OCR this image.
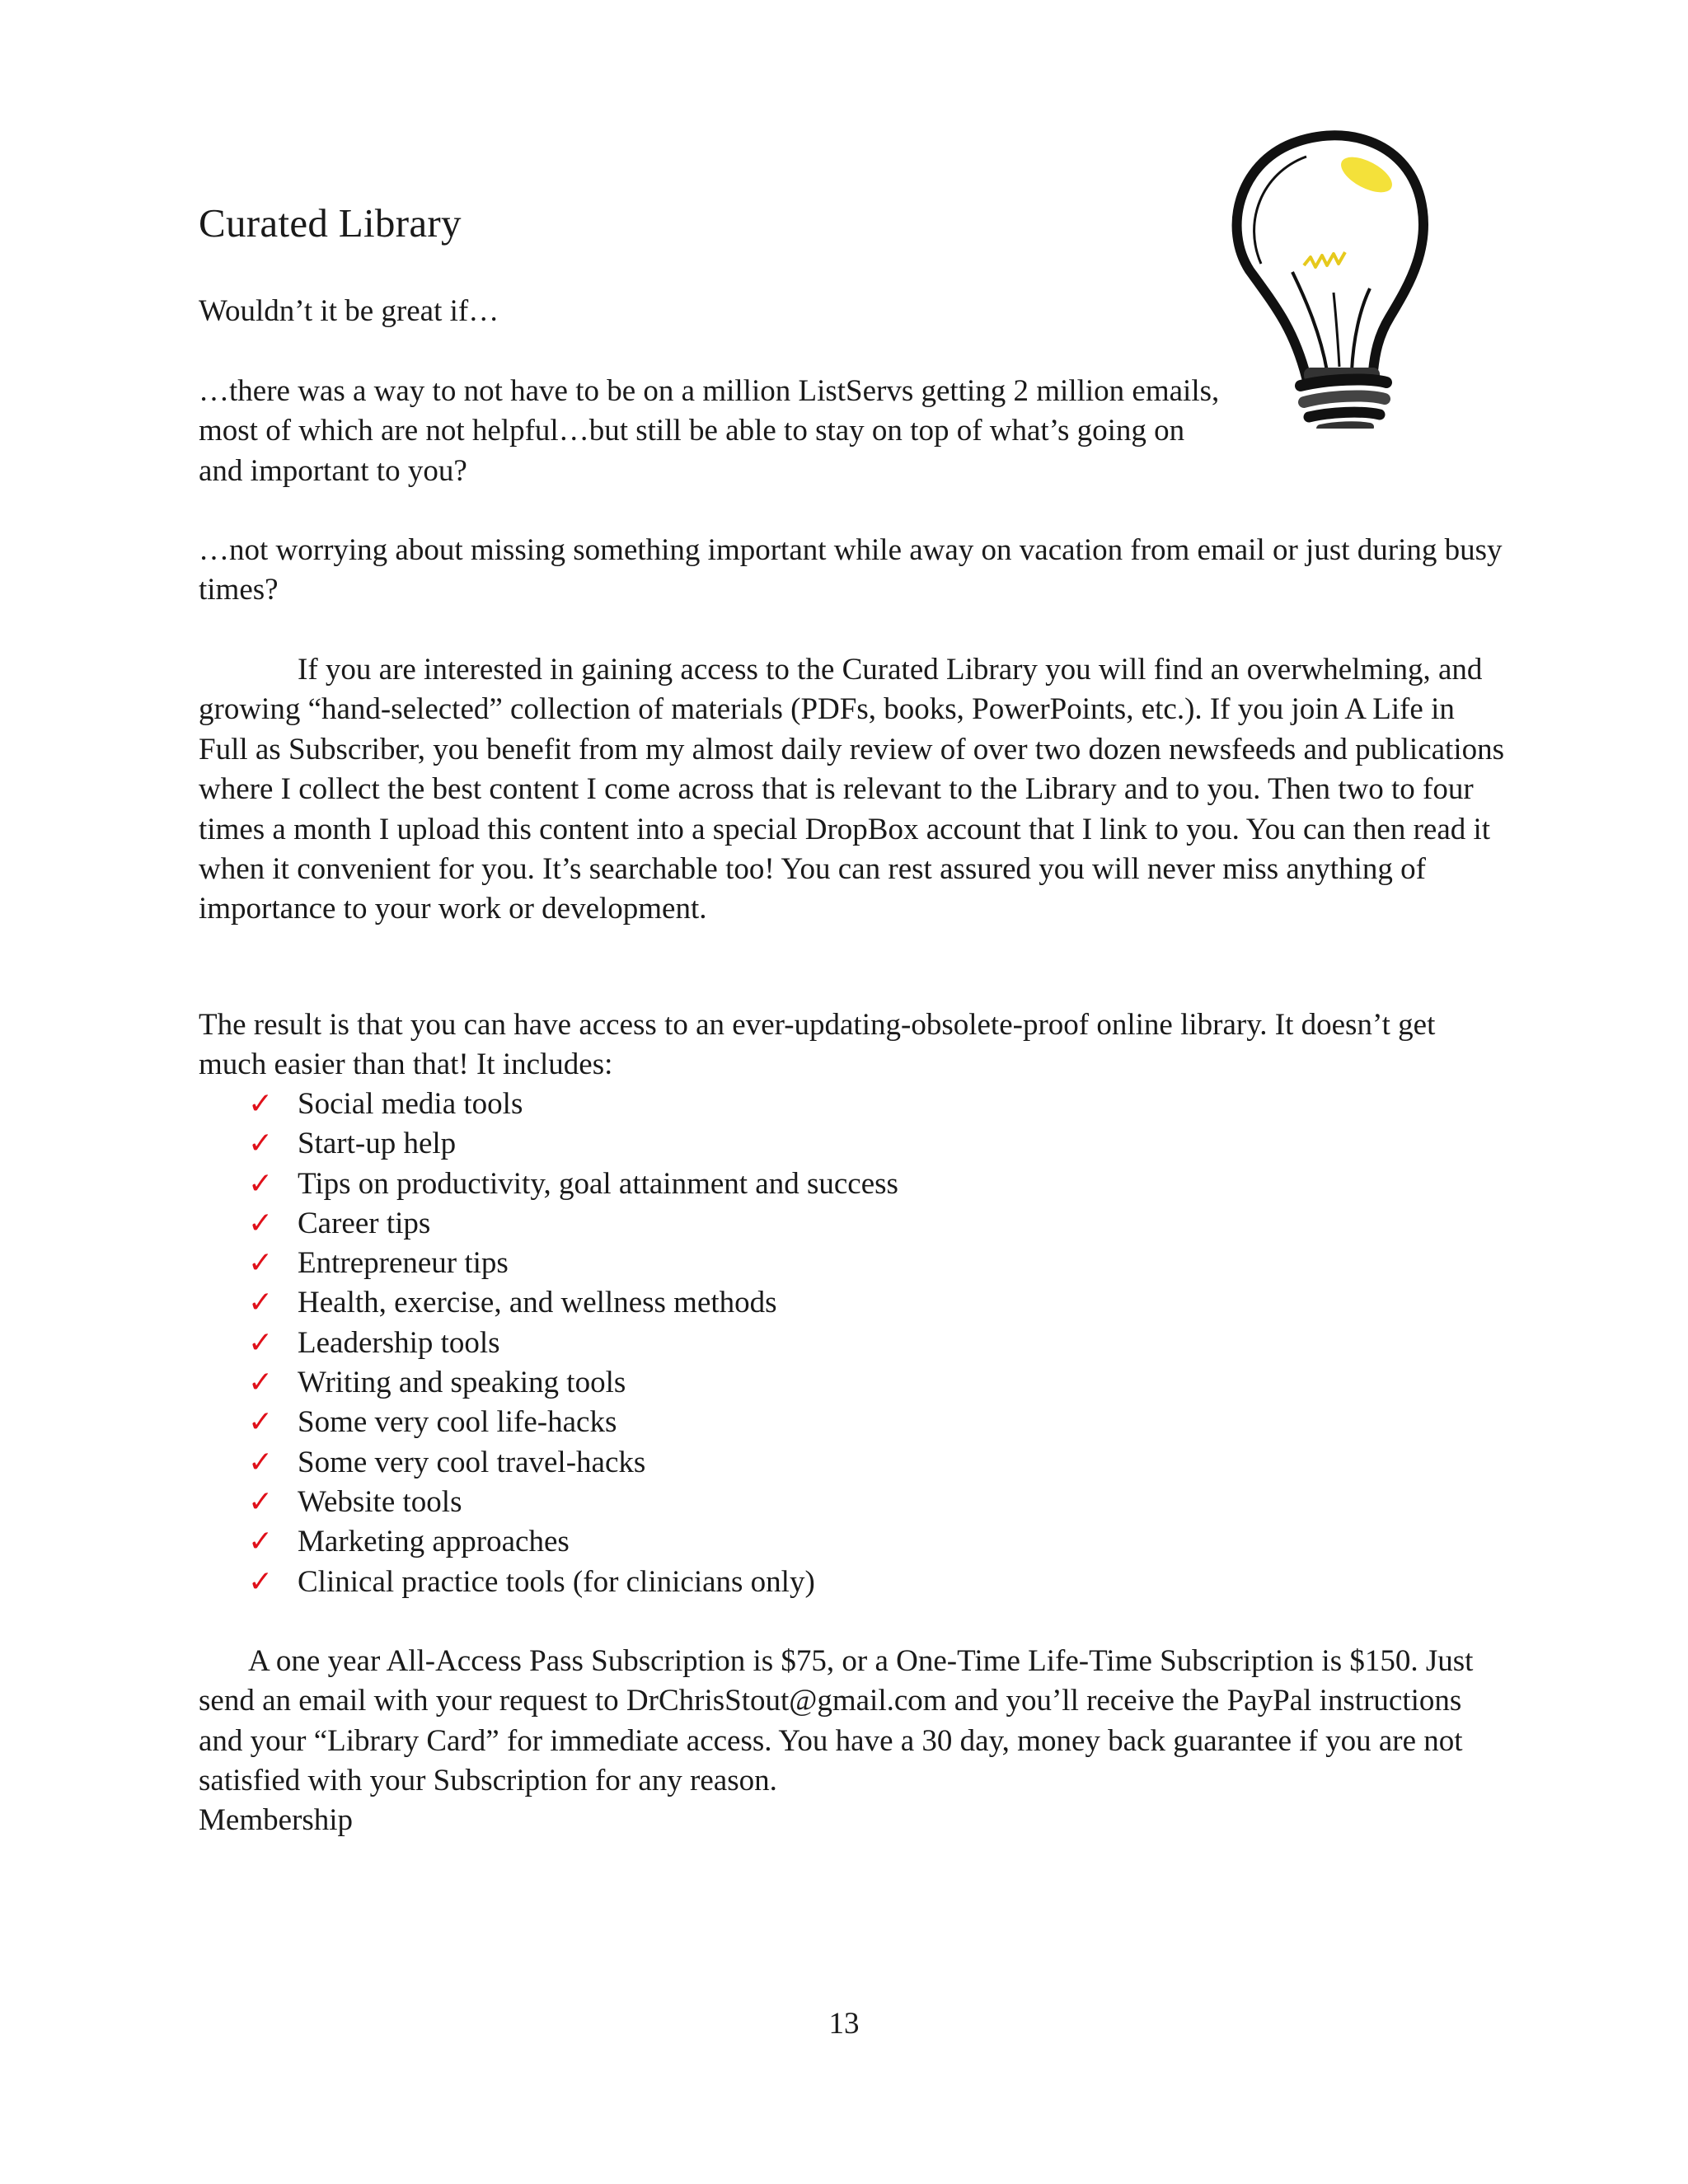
Curated Library

Wouldn’t it be great if…

…there was a way to not have to be on a million ListServs getting 2 million emails, most of which are not helpful…but still be able to stay on top of what’s going on and important to you?

…not worrying about missing something important while away on vacation from email or just during busy times?

If you are interested in gaining access to the Curated Library you will find an overwhelming, and growing “hand-selected” collection of materials (PDFs, books, PowerPoints, etc.). If you join A Life in Full as Subscriber, you benefit from my almost daily review of over two dozen newsfeeds and publications where I collect the best content I come across that is relevant to the Library and to you. Then two to four times a month I upload this content into a special DropBox account that I link to you. You can then read it when it convenient for you. It’s searchable too! You can rest assured you will never miss anything of importance to your work or development.

The result is that you can have access to an ever-updating-obsolete-proof online library. It doesn’t get much easier than that! It includes:

✓ Social media tools
✓ Start-up help
✓ Tips on productivity, goal attainment and success
✓ Career tips
✓ Entrepreneur tips
✓ Health, exercise, and wellness methods
✓ Leadership tools
✓ Writing and speaking tools
✓ Some very cool life-hacks
✓ Some very cool travel-hacks
✓ Website tools
✓ Marketing approaches
✓ Clinical practice tools (for clinicians only)

A one year All-Access Pass Subscription is $75, or a One-Time Life-Time Subscription is $150. Just send an email with your request to DrChrisStout@gmail.com and you’ll receive the PayPal instructions and your “Library Card” for immediate access. You have a 30 day, money back guarantee if you are not satisfied with your Subscription for any reason.

Membership

13
